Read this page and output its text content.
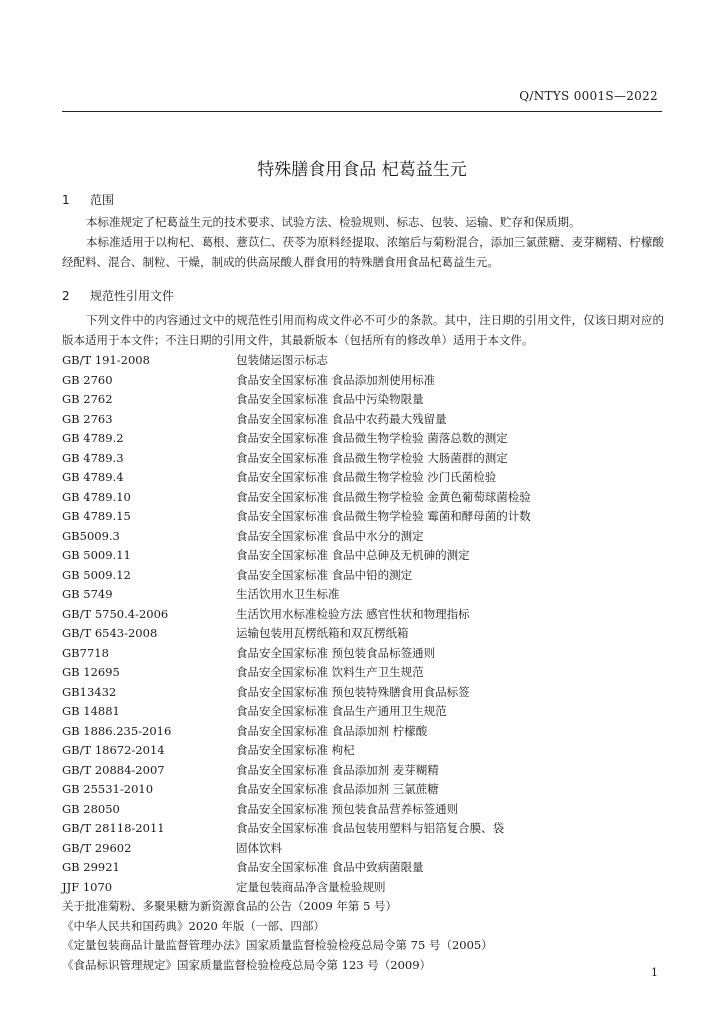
Q/NTYS 0001S—2022
特殊膳食用食品 杞葛益生元
1 范围

本标准规定了杞葛益生元的技术要求、试验方法、检验规则、标志、包装、运输、贮存和保质期。

本标准适用于以枸杞、葛根、薏苡仁、茯苓为原料经提取、浓缩后与菊粉混合，添加三氯蔗糖、麦芽糊精、柠檬酸经配料、混合、制粒、干燥，制成的供高尿酸人群食用的特殊膳食用食品杞葛益生元。

2 规范性引用文件

下列文件中的内容通过文中的规范性引用而构成文件必不可少的条款。其中，注日期的引用文件，仅该日期对应的版本适用于本文件；不注日期的引用文件，其最新版本（包括所有的修改单）适用于本文件。

GB/T 191-2008	包装储运图示标志
GB 2760	食品安全国家标准 食品添加剂使用标准
GB 2762	食品安全国家标准 食品中污染物限量
GB 2763	食品安全国家标准 食品中农药最大残留量
GB 4789.2	食品安全国家标准 食品微生物学检验 菌落总数的测定
GB 4789.3	食品安全国家标准 食品微生物学检验 大肠菌群的测定
GB 4789.4	食品安全国家标准 食品微生物学检验 沙门氏菌检验
GB 4789.10	食品安全国家标准 食品微生物学检验 金黄色葡萄球菌检验
GB 4789.15	食品安全国家标准 食品微生物学检验 霉菌和酵母菌的计数
GB5009.3	食品安全国家标准 食品中水分的测定
GB 5009.11	食品安全国家标准 食品中总砷及无机砷的测定
GB 5009.12	食品安全国家标准 食品中铅的测定
GB 5749	生活饮用水卫生标准
GB/T 5750.4-2006	生活饮用水标准检验方法 感官性状和物理指标
GB/T 6543-2008	运输包装用瓦楞纸箱和双瓦楞纸箱
GB7718	食品安全国家标准 预包装食品标签通则
GB 12695	食品安全国家标准 饮料生产卫生规范
GB13432	食品安全国家标准 预包装特殊膳食用食品标签
GB 14881	食品安全国家标准 食品生产通用卫生规范
GB 1886.235-2016	食品安全国家标准 食品添加剂 柠檬酸
GB/T 18672-2014	食品安全国家标准 枸杞
GB/T 20884-2007	食品安全国家标准 食品添加剂 麦芽糊精
GB 25531-2010	食品安全国家标准 食品添加剂 三氯蔗糖
GB 28050	食品安全国家标准 预包装食品营养标签通则
GB/T 28118-2011	食品安全国家标准 食品包装用塑料与铝箔复合膜、袋
GB/T 29602	固体饮料
GB 29921	食品安全国家标准 食品中致病菌限量
JJF 1070	定量包装商品净含量检验规则
关于批准菊粉、多聚果糖为新资源食品的公告（2009 年第 5 号）
《中华人民共和国药典》2020 年版（一部、四部）
《定量包装商品计量监督管理办法》国家质量监督检验检疫总局令第 75 号（2005）
《食品标识管理规定》国家质量监督检验检疫总局令第 123 号（2009）
1
